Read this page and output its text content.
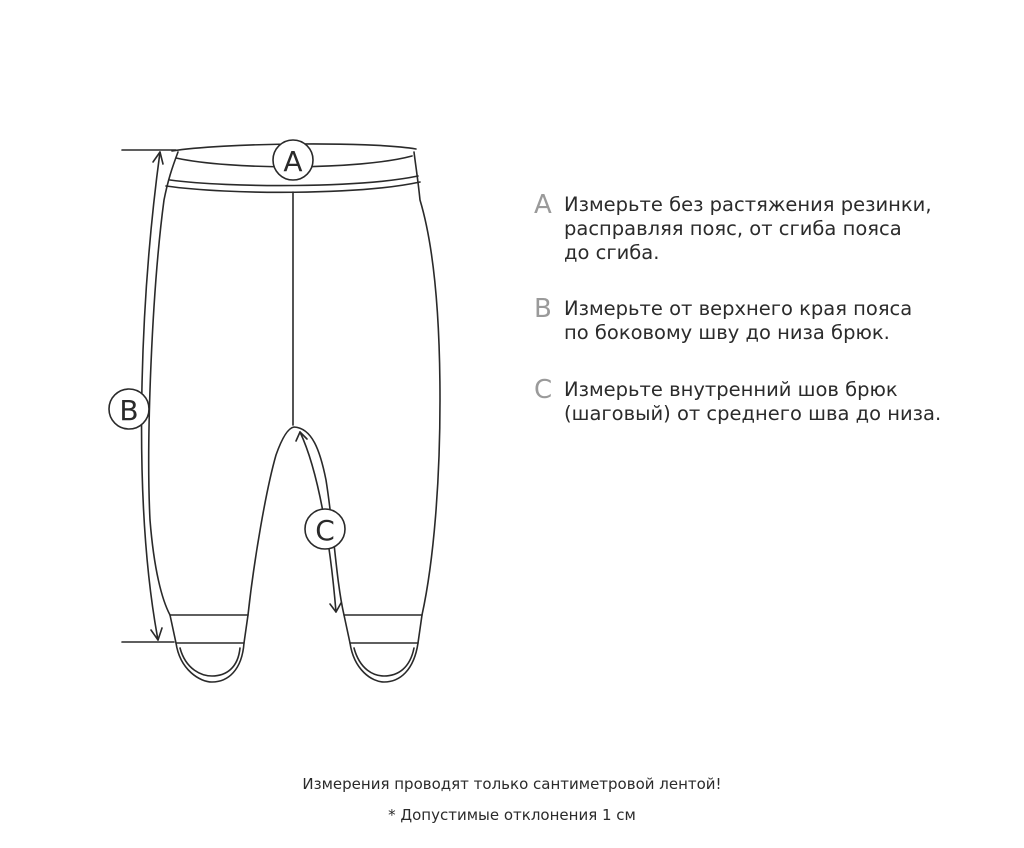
A
B
C
A Измерьте без растяжения резинки,
расправляя пояс, от сгиба пояса
до сгиба.
B Измерьте от верхнего края пояса
по боковому шву до низа брюк.
C Измерьте внутренний шов брюк
(шаговый) от среднего шва до низа.
Измерения проводят только сантиметровой лентой!
* Допустимые отклонения 1 см
